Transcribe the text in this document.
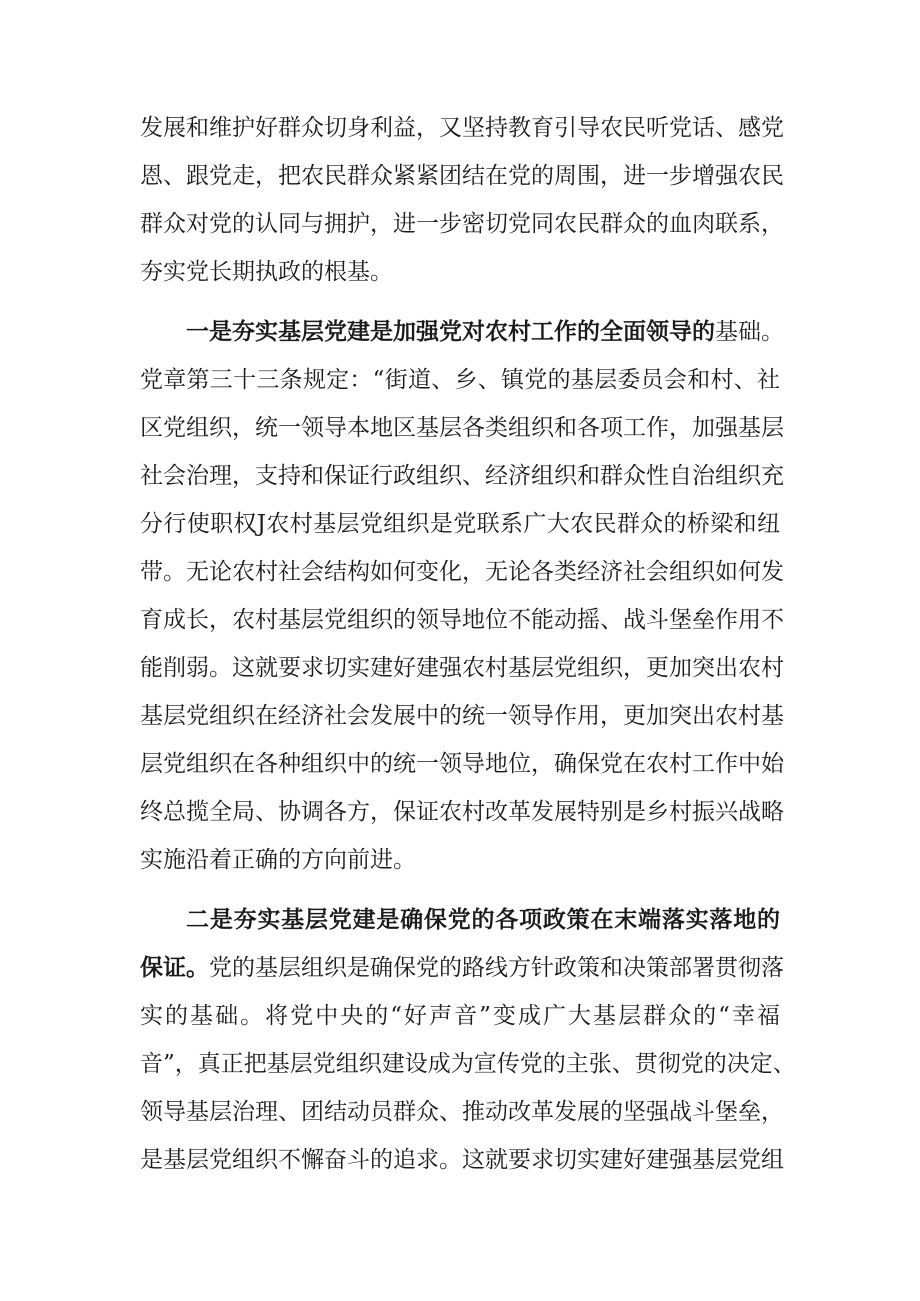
发展和维护好群众切身利益，又坚持教育引导农民听党话、感党
恩、跟党走，把农民群众紧紧团结在党的周围，进一步增强农民
群众对党的认同与拥护，进一步密切党同农民群众的血肉联系，
夯实党长期执政的根基。
一是夯实基层党建是加强党对农村工作的全面领导的基础。
党章第三十三条规定：“街道、乡、镇党的基层委员会和村、社
区党组织，统一领导本地区基层各类组织和各项工作，加强基层
社会治理，支持和保证行政组织、经济组织和群众性自治组织充
分行使职权J农村基层党组织是党联系广大农民群众的桥梁和纽
带。无论农村社会结构如何变化，无论各类经济社会组织如何发
育成长，农村基层党组织的领导地位不能动摇、战斗堡垒作用不
能削弱。这就要求切实建好建强农村基层党组织，更加突出农村
基层党组织在经济社会发展中的统一领导作用，更加突出农村基
层党组织在各种组织中的统一领导地位，确保党在农村工作中始
终总揽全局、协调各方，保证农村改革发展特别是乡村振兴战略
实施沿着正确的方向前进。
二是夯实基层党建是确保党的各项政策在末端落实落地的
保证。党的基层组织是确保党的路线方针政策和决策部署贯彻落
实的基础。将党中央的“好声音”变成广大基层群众的“幸福
音”，真正把基层党组织建设成为宣传党的主张、贯彻党的决定、
领导基层治理、团结动员群众、推动改革发展的坚强战斗堡垒，
是基层党组织不懈奋斗的追求。这就要求切实建好建强基层党组
